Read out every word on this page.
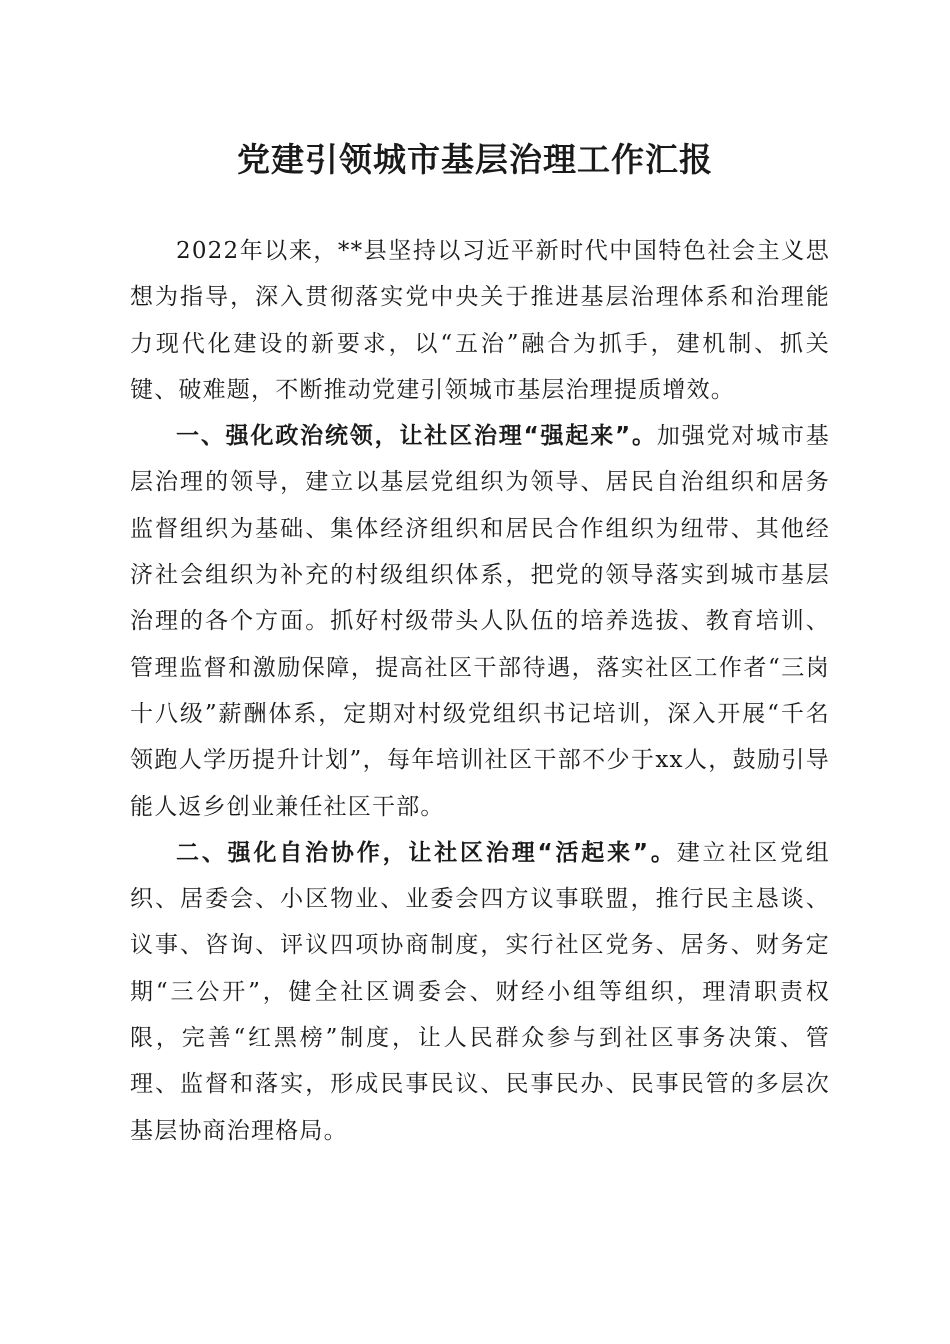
党建引领城市基层治理工作汇报

2022年以来，**县坚持以习近平新时代中国特色社会主义思想为指导，深入贯彻落实党中央关于推进基层治理体系和治理能力现代化建设的新要求，以“五治”融合为抓手，建机制、抓关键、破难题，不断推动党建引领城市基层治理提质增效。

一、强化政治统领，让社区治理“强起来”。加强党对城市基层治理的领导，建立以基层党组织为领导、居民自治组织和居务监督组织为基础、集体经济组织和居民合作组织为纽带、其他经济社会组织为补充的村级组织体系，把党的领导落实到城市基层治理的各个方面。抓好村级带头人队伍的培养选拔、教育培训、管理监督和激励保障，提高社区干部待遇，落实社区工作者“三岗十八级”薪酬体系，定期对村级党组织书记培训，深入开展“千名领跑人学历提升计划”，每年培训社区干部不少于xx人，鼓励引导能人返乡创业兼任社区干部。

二、强化自治协作，让社区治理“活起来”。建立社区党组织、居委会、小区物业、业委会四方议事联盟，推行民主恳谈、议事、咨询、评议四项协商制度，实行社区党务、居务、财务定期“三公开”，健全社区调委会、财经小组等组织，理清职责权限，完善“红黑榜”制度，让人民群众参与到社区事务决策、管理、监督和落实，形成民事民议、民事民办、民事民管的多层次基层协商治理格局。
